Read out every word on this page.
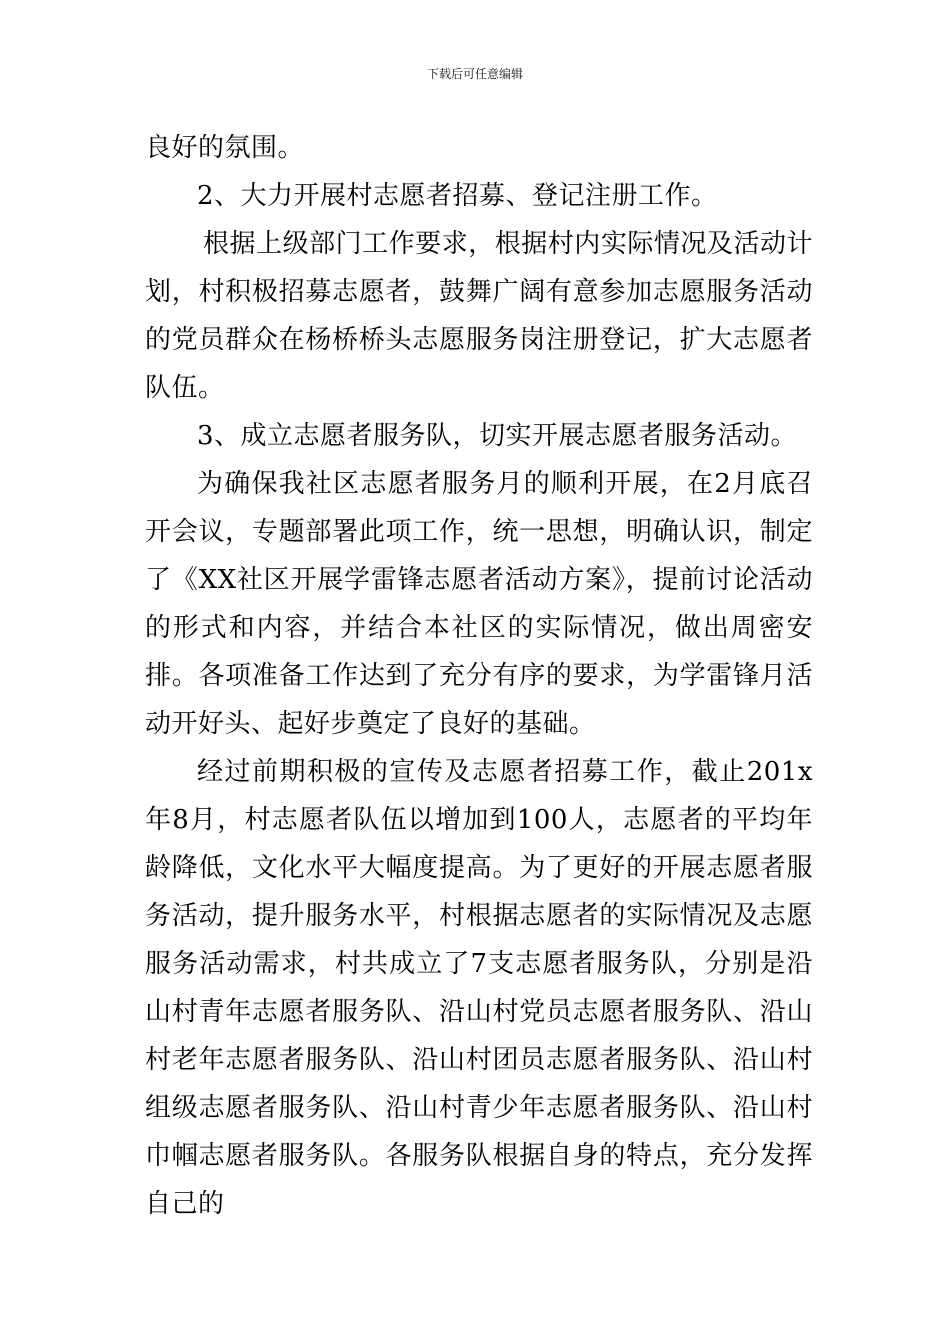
下载后可任意编辑

良好的氛围。

2、大力开展村志愿者招募、登记注册工作。

根据上级部门工作要求，根据村内实际情况及活动计划，村积极招募志愿者，鼓舞广阔有意参加志愿服务活动的党员群众在杨桥桥头志愿服务岗注册登记，扩大志愿者队伍。

3、成立志愿者服务队，切实开展志愿者服务活动。

为确保我社区志愿者服务月的顺利开展，在2月底召开会议，专题部署此项工作，统一思想，明确认识，制定了《XX社区开展学雷锋志愿者活动方案》，提前讨论活动的形式和内容，并结合本社区的实际情况，做出周密安排。各项准备工作达到了充分有序的要求，为学雷锋月活动开好头、起好步奠定了良好的基础。

经过前期积极的宣传及志愿者招募工作，截止201x年8月，村志愿者队伍以增加到100人，志愿者的平均年龄降低，文化水平大幅度提高。为了更好的开展志愿者服务活动，提升服务水平，村根据志愿者的实际情况及志愿服务活动需求，村共成立了7支志愿者服务队，分别是沿山村青年志愿者服务队、沿山村党员志愿者服务队、沿山村老年志愿者服务队、沿山村团员志愿者服务队、沿山村组级志愿者服务队、沿山村青少年志愿者服务队、沿山村巾帼志愿者服务队。各服务队根据自身的特点，充分发挥自己的
